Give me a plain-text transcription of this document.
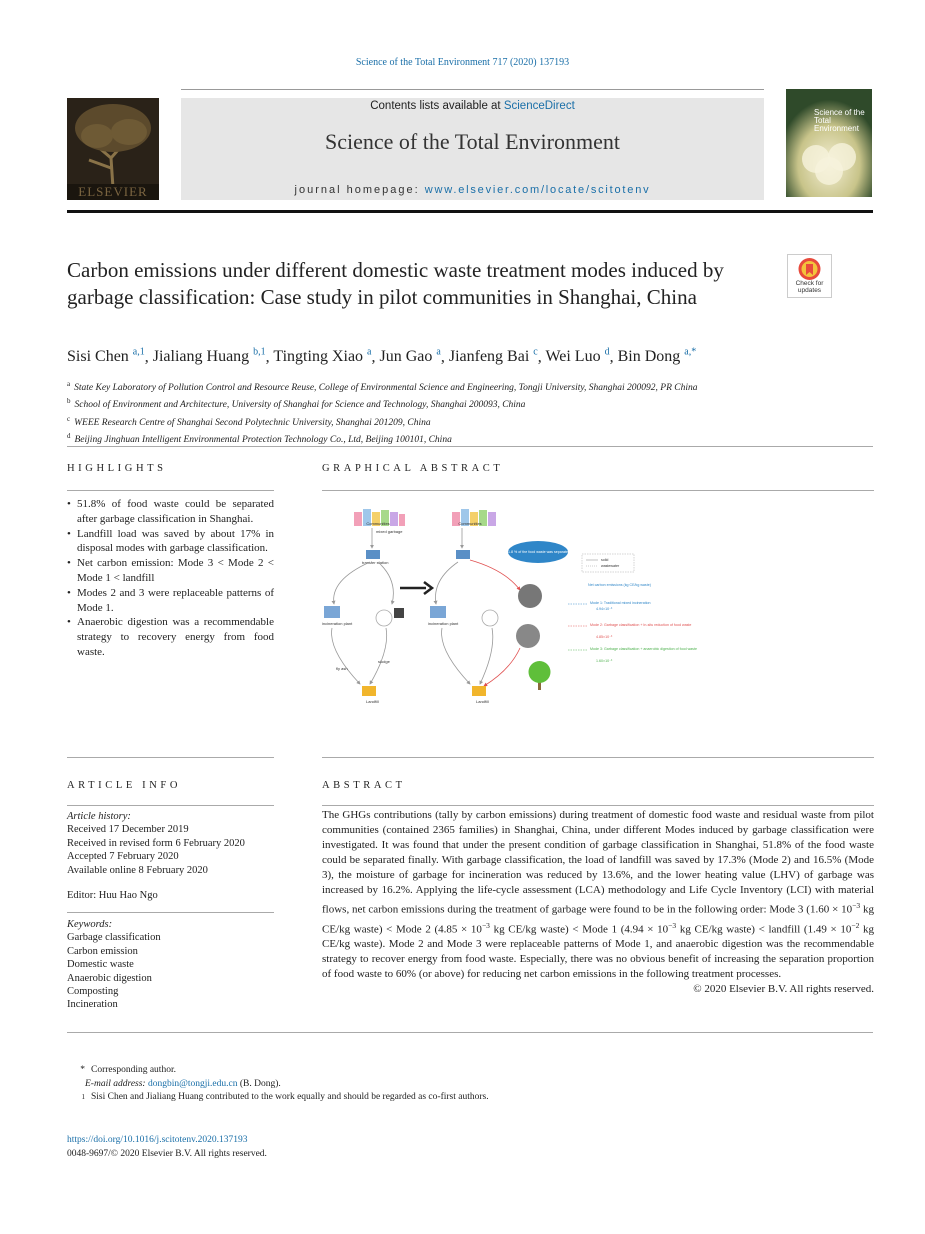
Science of the Total Environment 717 (2020) 137193
ELSEVIER
Contents lists available at ScienceDirect
Science of the Total Environment
journal homepage: www.elsevier.com/locate/scitotenv
Science of the Total Environment
Carbon emissions under different domestic waste treatment modes induced by garbage classification: Case study in pilot communities in Shanghai, China
Check for updates
Sisi Chen $^{a,1}$, Jialiang Huang $^{b,1}$, Tingting Xiao $^a$, Jun Gao $^a$, Jianfeng Bai $^c$, Wei Luo $^d$, Bin Dong $^{a,*}$
$^a$ State Key Laboratory of Pollution Control and Resource Reuse, College of Environmental Science and Engineering, Tongji University, Shanghai 200092, PR China
$^b$ School of Environment and Architecture, University of Shanghai for Science and Technology, Shanghai 200093, China
$^c$ WEEE Research Centre of Shanghai Second Polytechnic University, Shanghai 201209, China
$^d$ Beijing Jinghuan Intelligent Environmental Protection Technology Co., Ltd, Beijing 100101, China
HIGHLIGHTS
• 51.8% of food waste could be separated after garbage classification in Shanghai.
• Landfill load was saved by about 17% in disposal modes with garbage classification.
• Net carbon emission: Mode 3 < Mode 2 < Mode 1 < landfill
• Modes 2 and 3 were replaceable patterns of Mode 1.
• Anaerobic digestion was a recommendable strategy to recovery energy from food waste.
GRAPHICAL ABSTRACT
Communities
mixed garbage
transfer station
incineration plant
fly ash
sludge
Landfill
Communities
51.8 % of the food waste was separated
incineration plant
Landfill
solid
wastewater
Net carbon emissions (kg CE/kg waste)
Mode 1: Traditional mixed incineration
4.94×10⁻³
Mode 2: Garbage classification + In-situ reduction of food waste
4.85×10⁻³
Mode 3: Garbage classification + anaerobic digestion of food waste
1.60×10⁻³
ARTICLE INFO
Article history:
Received 17 December 2019
Received in revised form 6 February 2020
Accepted 7 February 2020
Available online 8 February 2020
Editor: Huu Hao Ngo
Keywords:
Garbage classification
Carbon emission
Domestic waste
Anaerobic digestion
Composting
Incineration
ABSTRACT
The GHGs contributions (tally by carbon emissions) during treatment of domestic food waste and residual waste from pilot communities (contained 2365 families) in Shanghai, China, under different Modes induced by garbage classification were investigated. It was found that under the present condition of garbage classification in Shanghai, 51.8% of the food waste could be separated finally. With garbage classification, the load of landfill was saved by 17.3% (Mode 2) and 16.5% (Mode 3), the moisture of garbage for incineration was reduced by 13.6%, and the lower heating value (LHV) of garbage was increased by 16.2%. Applying the life-cycle assessment (LCA) methodology and Life Cycle Inventory (LCI) with material flows, net carbon emissions during the treatment of garbage were found to be in the following order: Mode 3 ($1.60 \times 10^{-3}$ kg CE/kg waste) < Mode 2 ($4.85 \times 10^{-3}$ kg CE/kg waste) < Mode 1 ($4.94 \times 10^{-3}$ kg CE/kg waste) < landfill ($1.49 \times 10^{-2}$ kg CE/kg waste). Mode 2 and Mode 3 were replaceable patterns of Mode 1, and anaerobic digestion was the recommendable strategy to recover energy from food waste. Especially, there was no obvious benefit of increasing the separation proportion of food waste to 60% (or above) for reducing net carbon emissions in the following treatment processes.
© 2020 Elsevier B.V. All rights reserved.
* Corresponding author.
E-mail address: dongbin@tongji.edu.cn (B. Dong).
1 Sisi Chen and Jialiang Huang contributed to the work equally and should be regarded as co-first authors.
https://doi.org/10.1016/j.scitotenv.2020.137193
0048-9697/© 2020 Elsevier B.V. All rights reserved.
